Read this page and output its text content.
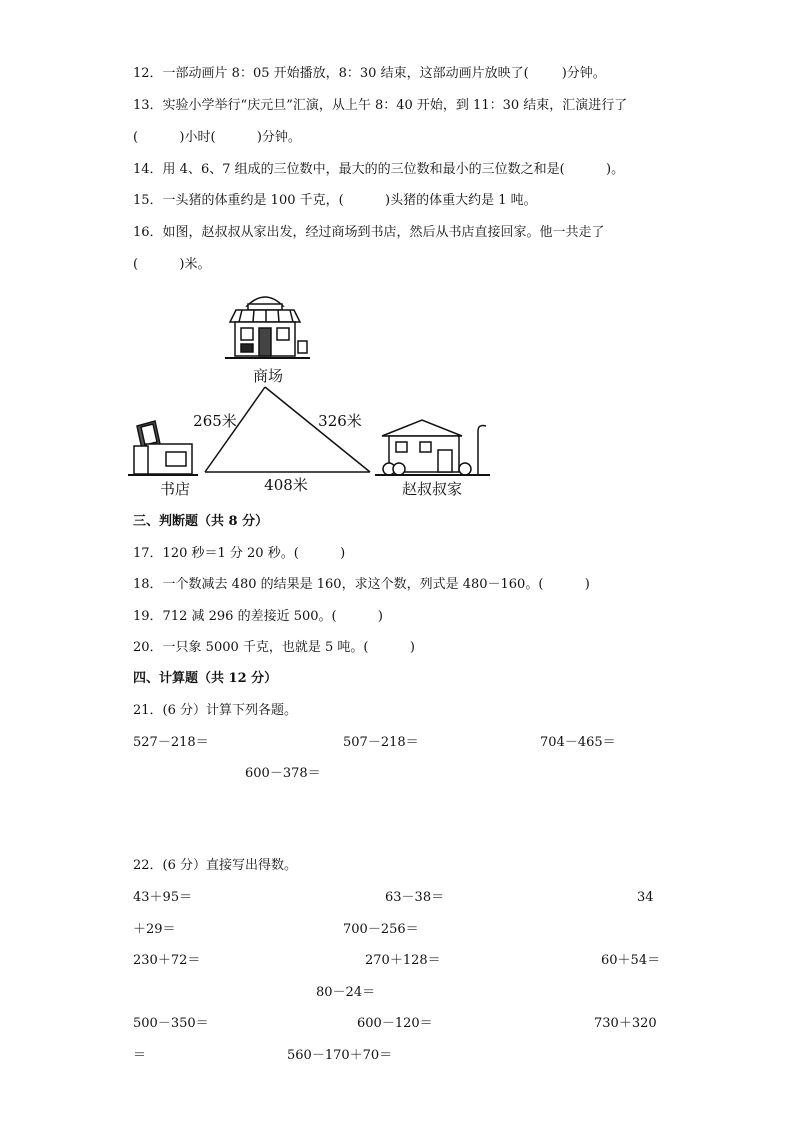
12．一部动画片 8：05 开始播放，8：30 结束，这部动画片放映了(        )分钟。
13．实验小学举行“庆元旦”汇演，从上午 8：40 开始，到 11：30 结束，汇演进行了
(          )小时(          )分钟。
14．用 4、6、7 组成的三位数中，最大的的三位数和最小的三位数之和是(          )。
15．一头猪的体重约是 100 千克，(          )头猪的体重大约是 1 吨。
16．如图，赵叔叔从家出发，经过商场到书店，然后从书店直接回家。他一共走了
(          )米。
商场
书店	赵叔叔家
265米	326米
408米
三、判断题（共 8 分）
17．120 秒＝1 分 20 秒。(          )
18．一个数减去 480 的结果是 160，求这个数，列式是 480－160。(          )
19．712 减 296 的差接近 500。(          )
20．一只象 5000 千克，也就是 5 吨。(          )
四、计算题（共 12 分）
21．(6 分）计算下列各题。
527－218＝	507－218＝	704－465＝
600－378＝
22．(6 分）直接写出得数。
43＋95＝	63－38＝	34
＋29＝	700－256＝
230＋72＝	270＋128＝	60＋54＝
80－24＝
500－350＝	600－120＝	730＋320
＝	560－170＋70＝
